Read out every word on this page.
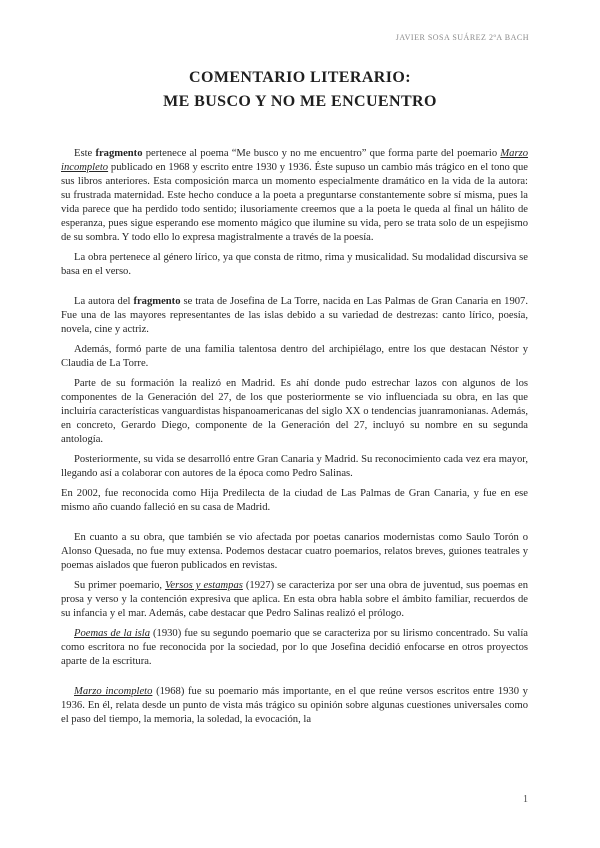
JAVIER SOSA SUÁREZ 2ºA BACH
COMENTARIO LITERARIO:
ME BUSCO Y NO ME ENCUENTRO

Este fragmento pertenece al poema “Me busco y no me encuentro” que forma parte del poemario Marzo incompleto publicado en 1968 y escrito entre 1930 y 1936. Éste supuso un cambio más trágico en el tono que sus libros anteriores. Esta composición marca un momento especialmente dramático en la vida de la autora: su frustrada maternidad. Este hecho conduce a la poeta a preguntarse constantemente sobre sí misma, pues la vida parece que ha perdido todo sentido; ilusoriamente creemos que a la poeta le queda al final un hálito de esperanza, pues sigue esperando ese momento mágico que ilumine su vida, pero se trata solo de un espejismo de su sombra. Y todo ello lo expresa magistralmente a través de la poesía.

La obra pertenece al género lírico, ya que consta de ritmo, rima y musicalidad. Su modalidad discursiva se basa en el verso.

La autora del fragmento se trata de Josefina de La Torre, nacida en Las Palmas de Gran Canaria en 1907. Fue una de las mayores representantes de las islas debido a su variedad de destrezas: canto lírico, poesía, novela, cine y actriz.

Además, formó parte de una familia talentosa dentro del archipiélago, entre los que destacan Néstor y Claudia de La Torre.

Parte de su formación la realizó en Madrid. Es ahí donde pudo estrechar lazos con algunos de los componentes de la Generación del 27, de los que posteriormente se vio influenciada su obra, en las que incluiría características vanguardistas hispanoamericanas del siglo XX o tendencias juanramonianas. Además, en concreto, Gerardo Diego, componente de la Generación del 27, incluyó su nombre en su segunda antología.

Posteriormente, su vida se desarrolló entre Gran Canaria y Madrid. Su reconocimiento cada vez era mayor, llegando así a colaborar con autores de la época como Pedro Salinas.

En 2002, fue reconocida como Hija Predilecta de la ciudad de Las Palmas de Gran Canaria, y fue en ese mismo año cuando falleció en su casa de Madrid.

En cuanto a su obra, que también se vio afectada por poetas canarios modernistas como Saulo Torón o Alonso Quesada, no fue muy extensa. Podemos destacar cuatro poemarios, relatos breves, guiones teatrales y poemas aislados que fueron publicados en revistas.

Su primer poemario, Versos y estampas (1927) se caracteriza por ser una obra de juventud, sus poemas en prosa y verso y la contención expresiva que aplica. En esta obra habla sobre el ámbito familiar, recuerdos de su infancia y el mar. Además, cabe destacar que Pedro Salinas realizó el prólogo.

Poemas de la isla (1930) fue su segundo poemario que se caracteriza por su lirismo concentrado. Su valía como escritora no fue reconocida por la sociedad, por lo que Josefina decidió enfocarse en otros proyectos aparte de la escritura.

Marzo incompleto (1968) fue su poemario más importante, en el que reúne versos escritos entre 1930 y 1936. En él, relata desde un punto de vista más trágico su opinión sobre algunas cuestiones universales como el paso del tiempo, la memoria, la soledad, la evocación, la

1
